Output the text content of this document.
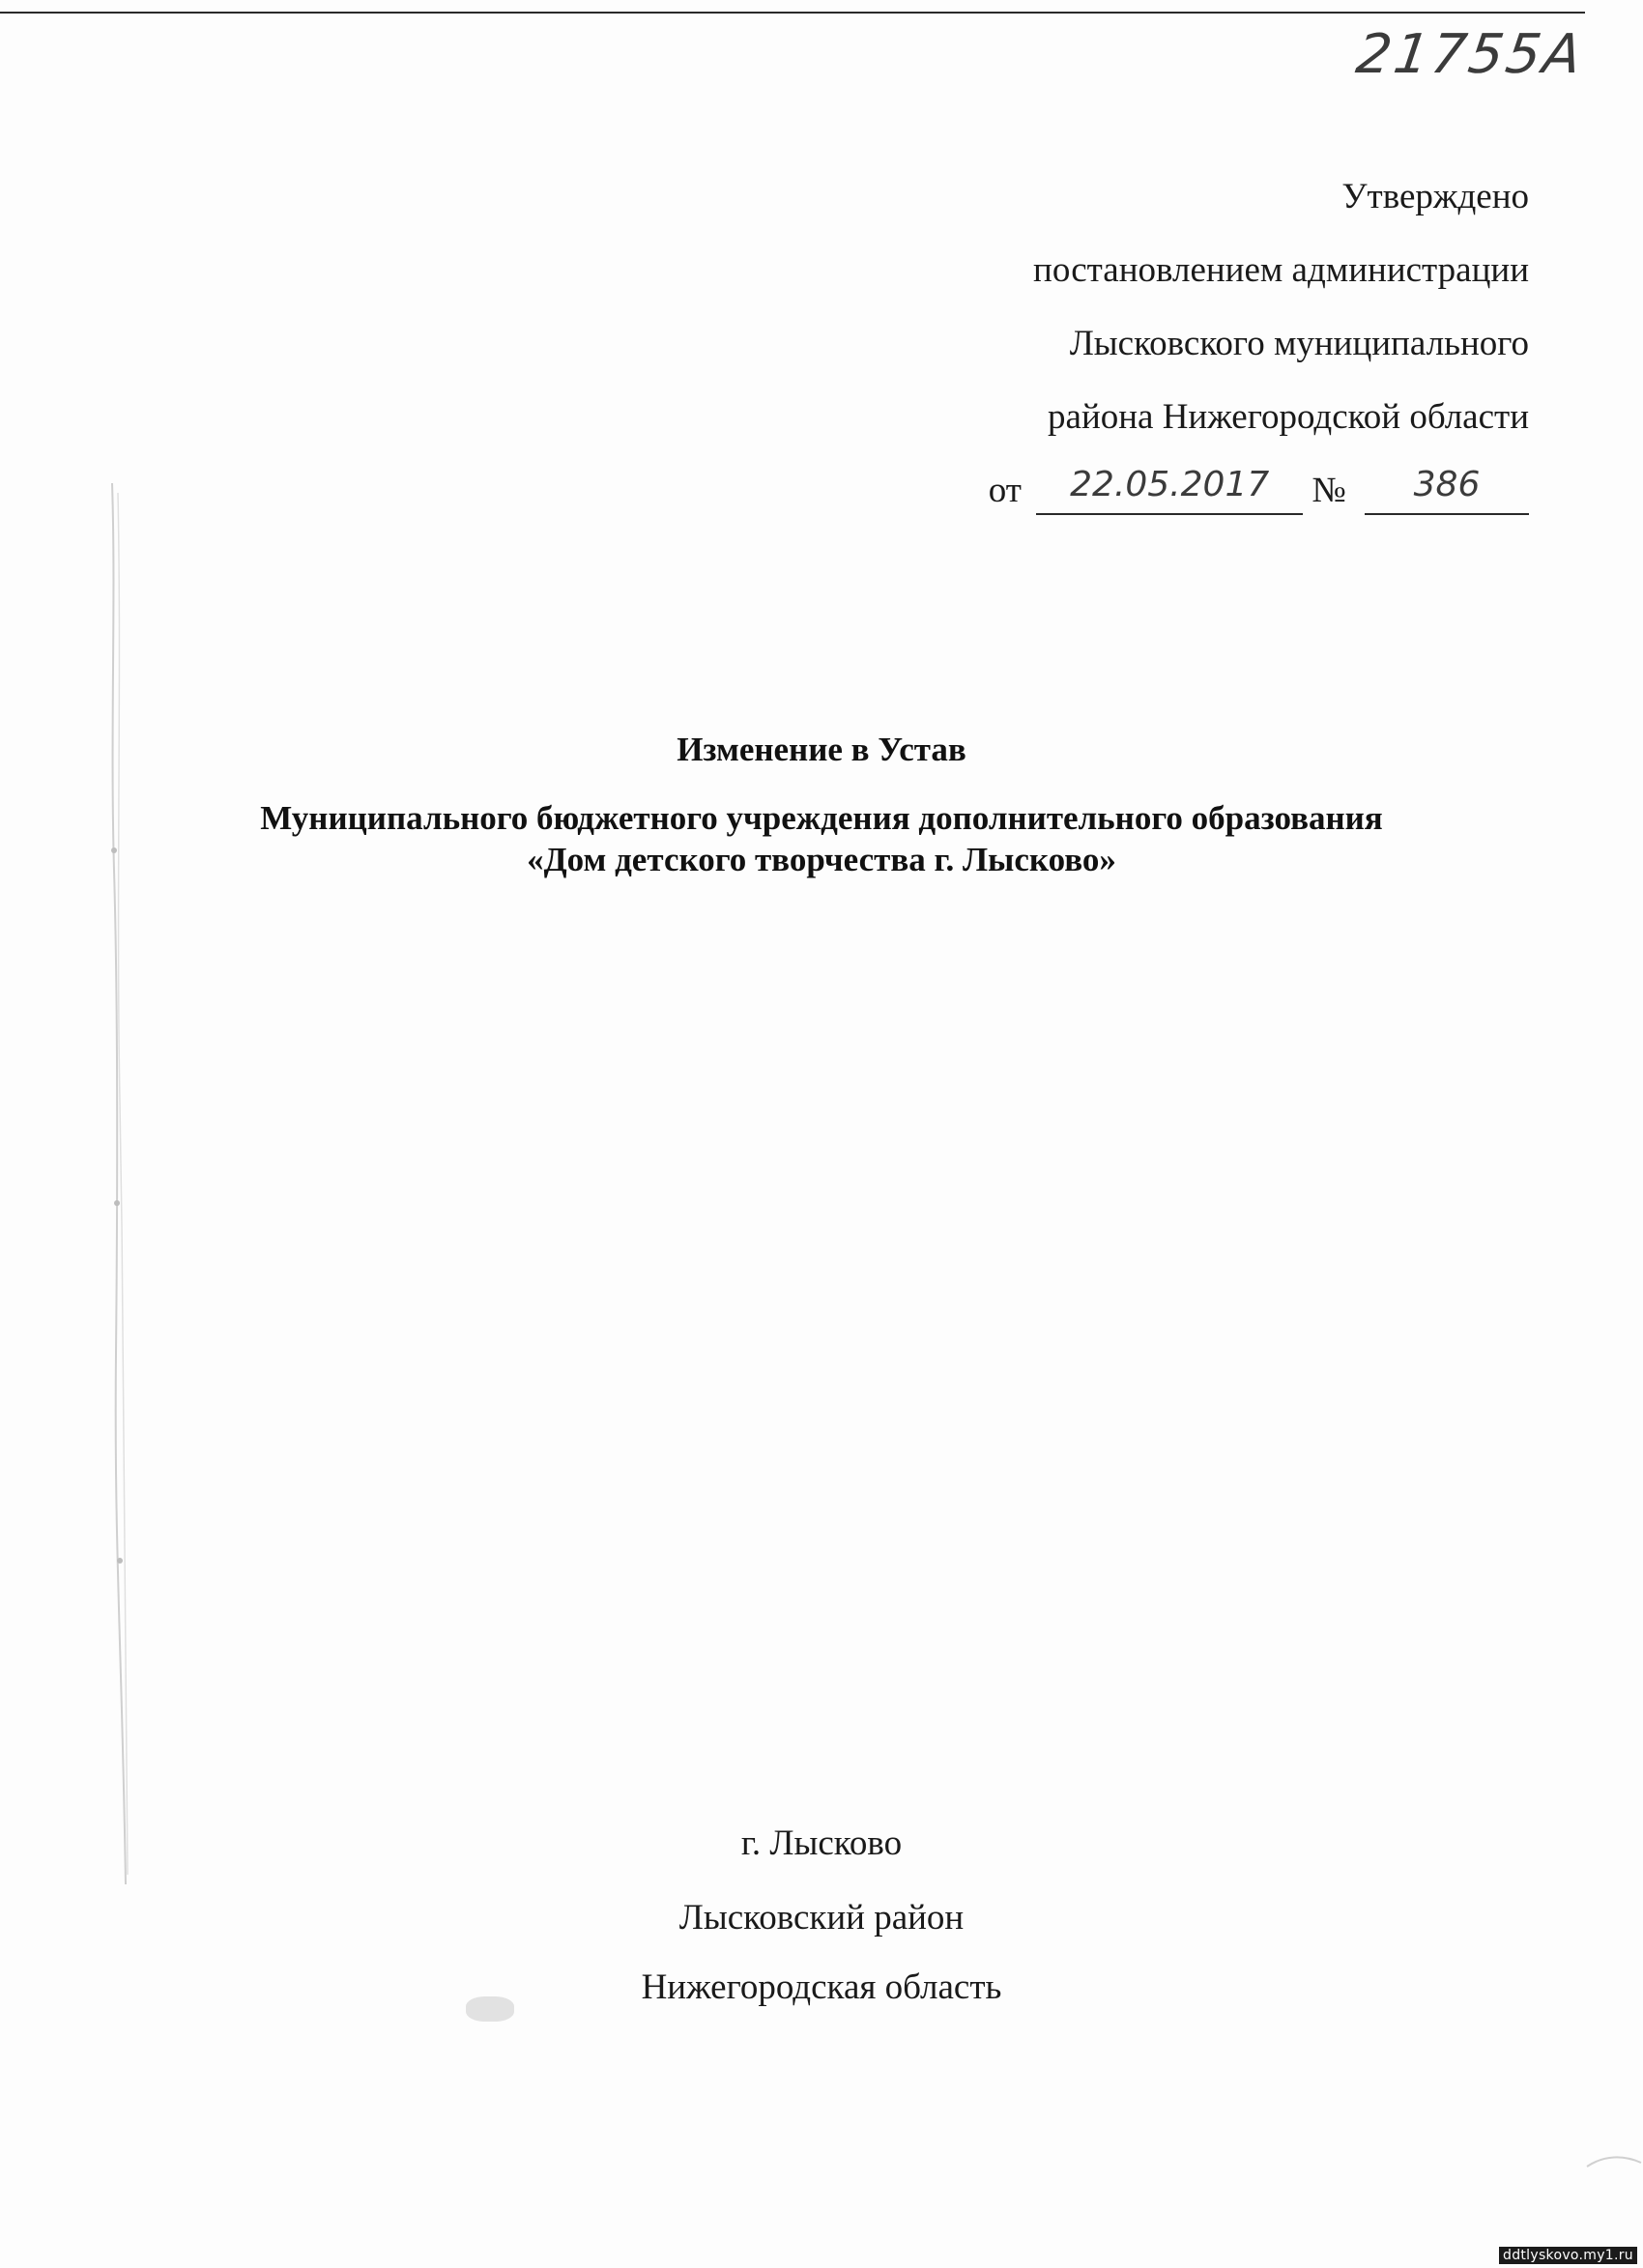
21755А
Утверждено
постановлением администрации
Лысковского муниципального
района Нижегородской области
от 22.05.2017 № 386
Изменение в Устав
Муниципального бюджетного учреждения дополнительного образования
«Дом детского творчества г. Лысково»
г. Лысково
Лысковский район
Нижегородская область
ddtlyskovo.my1.ru
